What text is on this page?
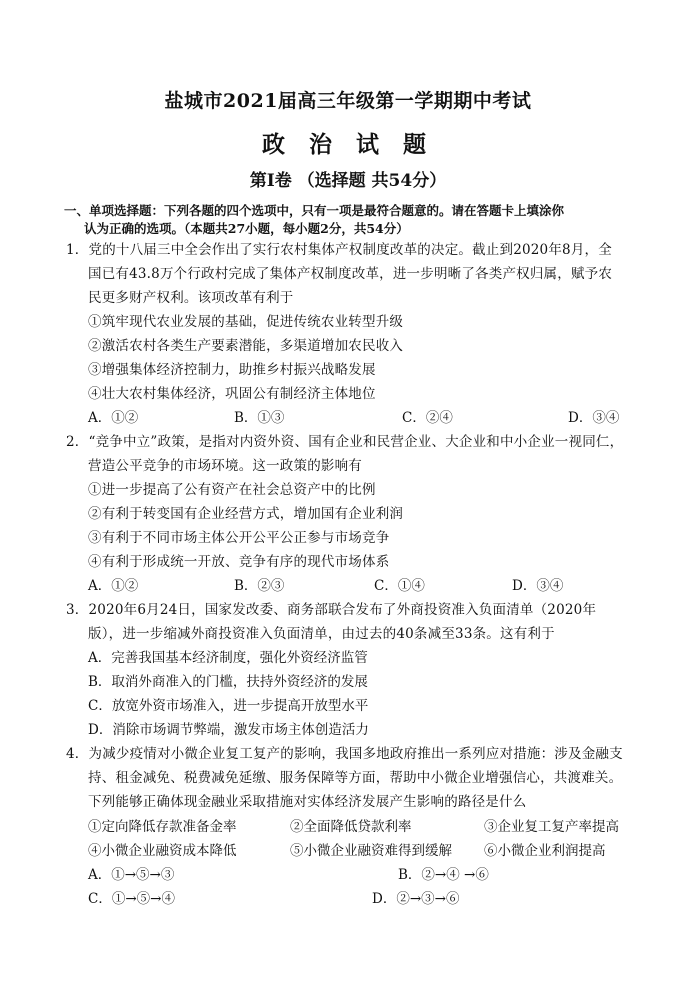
盐城市2021届高三年级第一学期期中考试
政 治 试 题
第Ⅰ卷 （选择题 共54分）
一、单项选择题：下列各题的四个选项中，只有一项是最符合题意的。请在答题卡上填涂你
认为正确的选项。（本题共27小题，每小题2分，共54分）
1．党的十八届三中全会作出了实行农村集体产权制度改革的决定。截止到2020年8月，全
国已有43.8万个行政村完成了集体产权制度改革，进一步明晰了各类产权归属，赋予农
民更多财产权利。该项改革有利于
①筑牢现代农业发展的基础，促进传统农业转型升级
②激活农村各类生产要素潜能，多渠道增加农民收入
③增强集体经济控制力，助推乡村振兴战略发展
④壮大农村集体经济，巩固公有制经济主体地位
A．①②	B．①③	C．②④	D．③④
2．“竞争中立”政策，是指对内资外资、国有企业和民营企业、大企业和中小企业一视同仁，
营造公平竞争的市场环境。这一政策的影响有
①进一步提高了公有资产在社会总资产中的比例
②有利于转变国有企业经营方式，增加国有企业利润
③有利于不同市场主体公开公平公正参与市场竞争
④有利于形成统一开放、竞争有序的现代市场体系
A．①②	B．②③	C．①④	D．③④
3．2020年6月24日，国家发改委、商务部联合发布了外商投资准入负面清单（2020年
版），进一步缩减外商投资准入负面清单，由过去的40条减至33条。这有利于
A．完善我国基本经济制度，强化外资经济监管
B．取消外商准入的门槛，扶持外资经济的发展
C．放宽外资市场准入，进一步提高开放型水平
D．消除市场调节弊端，激发市场主体创造活力
4．为减少疫情对小微企业复工复产的影响，我国多地政府推出一系列应对措施：涉及金融支
持、租金减免、税费减免延缴、服务保障等方面，帮助中小微企业增强信心，共渡难关。
下列能够正确体现金融业采取措施对实体经济发展产生影响的路径是什么
①定向降低存款准备金率	②全面降低贷款利率	③企业复工复产率提高
④小微企业融资成本降低	⑤小微企业融资难得到缓解 ⑥小微企业利润提高
A．①→⑤→③	B．②→④ →⑥
C．①→⑤→④	D．②→③→⑥
